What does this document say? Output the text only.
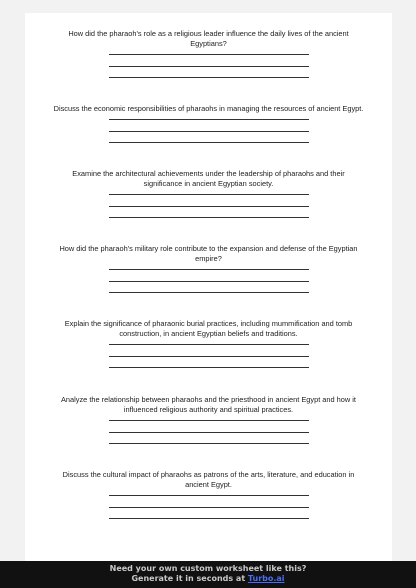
How did the pharaoh's role as a religious leader influence the daily lives of the ancient Egyptians?
Discuss the economic responsibilities of pharaohs in managing the resources of ancient Egypt.
Examine the architectural achievements under the leadership of pharaohs and their significance in ancient Egyptian society.
How did the pharaoh's military role contribute to the expansion and defense of the Egyptian empire?
Explain the significance of pharaonic burial practices, including mummification and tomb construction, in ancient Egyptian beliefs and traditions.
Analyze the relationship between pharaohs and the priesthood in ancient Egypt and how it influenced religious authority and spiritual practices.
Discuss the cultural impact of pharaohs as patrons of the arts, literature, and education in ancient Egypt.
Need your own custom worksheet like this?
Generate it in seconds at Turbo.ai
